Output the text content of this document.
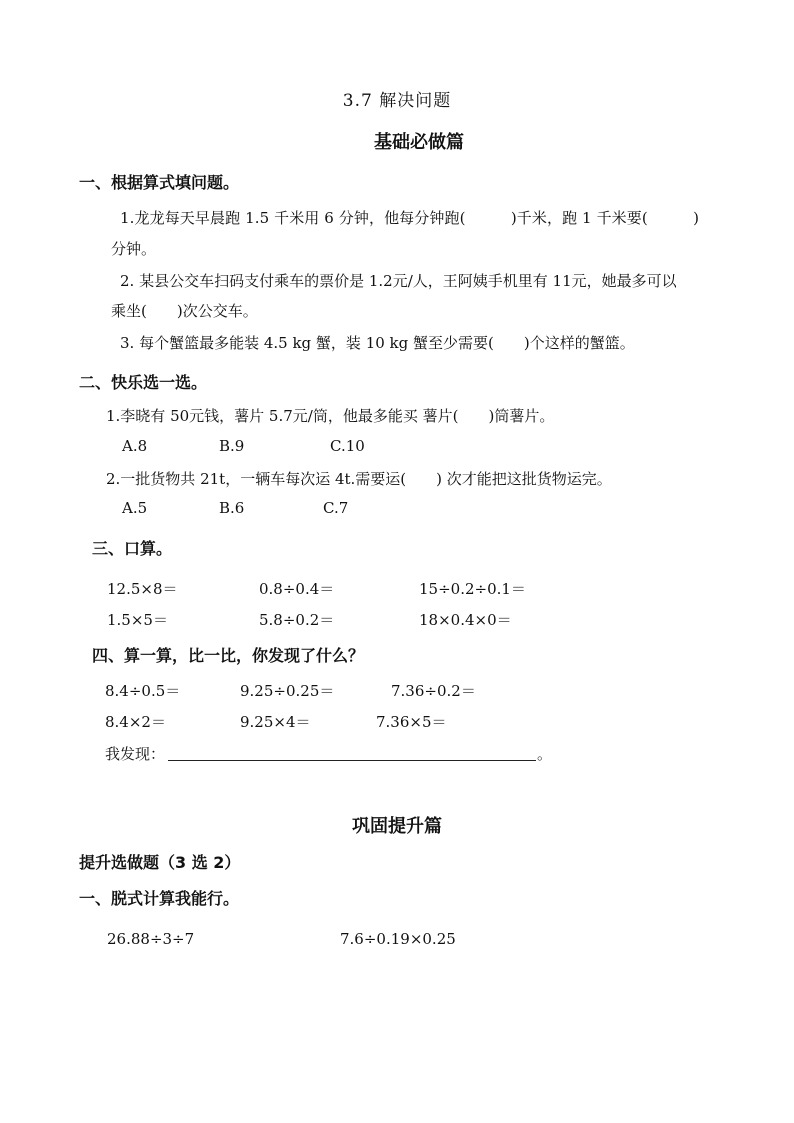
3.7 解决问题
基础必做篇
一、根据算式填问题。
1.龙龙每天早晨跑 1.5 千米用 6 分钟，他每分钟跑(　　　)千米，跑 1 千米要(　　　)
分钟。
2. 某县公交车扫码支付乘车的票价是 1.2元/人，王阿姨手机里有 11元，她最多可以
乘坐(　　)次公交车。
3. 每个蟹篮最多能装 4.5 kg 蟹，装 10 kg 蟹至少需要(　　)个这样的蟹篮。
二、快乐选一选。
1.李晓有 50元钱，薯片 5.7元/筒，他最多能买 薯片(　　)筒薯片。
A.8	B.9	C.10
2.一批货物共 21t，一辆车每次运 4t.需要运(　　) 次才能把这批货物运完。
A.5	B.6	C.7
三、口算。
12.5×8＝	0.8÷0.4＝	15÷0.2÷0.1＝
1.5×5＝	5.8÷0.2＝	18×0.4×0＝
四、算一算，比一比，你发现了什么？
8.4÷0.5＝	9.25÷0.25＝	7.36÷0.2＝
8.4×2＝	9.25×4＝	7.36×5＝
我发现：	。
巩固提升篇
提升选做题（3 选 2）
一、脱式计算我能行。
26.88÷3÷7	7.6÷0.19×0.25
